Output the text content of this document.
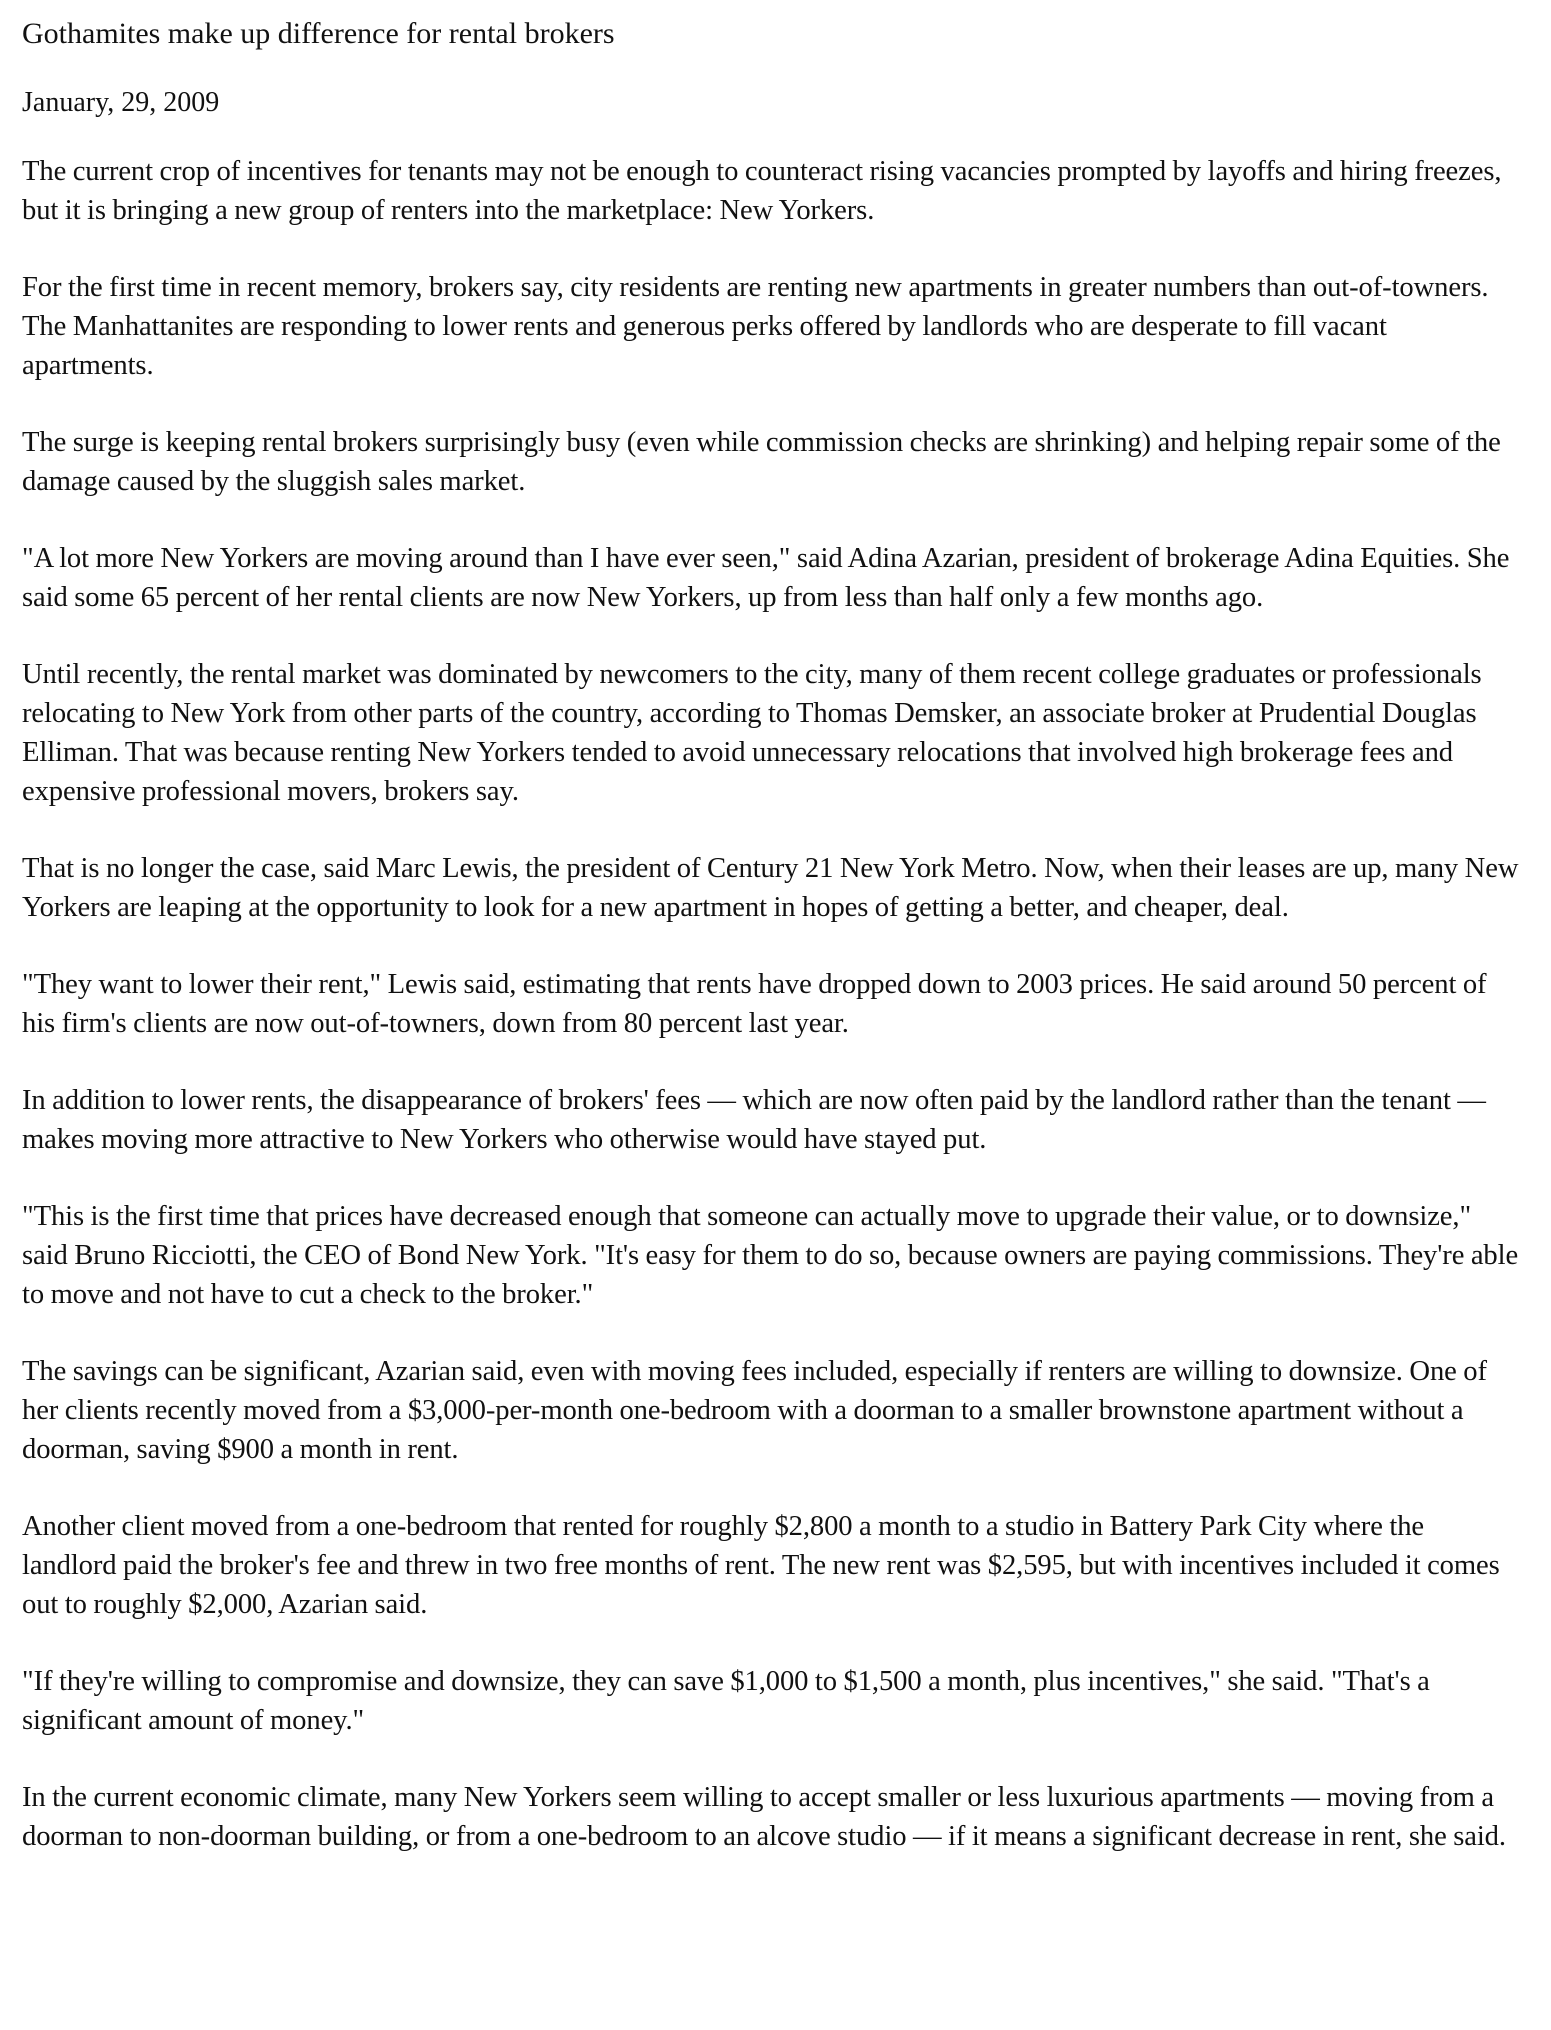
Gothamites make up difference for rental brokers
January, 29, 2009

The current crop of incentives for tenants may not be enough to counteract rising vacancies prompted by layoffs and hiring freezes, but it is bringing a new group of renters into the marketplace: New Yorkers.

For the first time in recent memory, brokers say, city residents are renting new apartments in greater numbers than out-of-towners. The Manhattanites are responding to lower rents and generous perks offered by landlords who are desperate to fill vacant apartments.

The surge is keeping rental brokers surprisingly busy (even while commission checks are shrinking) and helping repair some of the damage caused by the sluggish sales market.

"A lot more New Yorkers are moving around than I have ever seen," said Adina Azarian, president of brokerage Adina Equities. She said some 65 percent of her rental clients are now New Yorkers, up from less than half only a few months ago.

Until recently, the rental market was dominated by newcomers to the city, many of them recent college graduates or professionals relocating to New York from other parts of the country, according to Thomas Demsker, an associate broker at Prudential Douglas Elliman. That was because renting New Yorkers tended to avoid unnecessary relocations that involved high brokerage fees and expensive professional movers, brokers say.

That is no longer the case, said Marc Lewis, the president of Century 21 New York Metro. Now, when their leases are up, many New Yorkers are leaping at the opportunity to look for a new apartment in hopes of getting a better, and cheaper, deal.

"They want to lower their rent," Lewis said, estimating that rents have dropped down to 2003 prices. He said around 50 percent of his firm's clients are now out-of-towners, down from 80 percent last year.

In addition to lower rents, the disappearance of brokers' fees — which are now often paid by the landlord rather than the tenant — makes moving more attractive to New Yorkers who otherwise would have stayed put.

"This is the first time that prices have decreased enough that someone can actually move to upgrade their value, or to downsize," said Bruno Ricciotti, the CEO of Bond New York. "It's easy for them to do so, because owners are paying commissions. They're able to move and not have to cut a check to the broker."

The savings can be significant, Azarian said, even with moving fees included, especially if renters are willing to downsize. One of her clients recently moved from a $3,000-per-month one-bedroom with a doorman to a smaller brownstone apartment without a doorman, saving $900 a month in rent.

Another client moved from a one-bedroom that rented for roughly $2,800 a month to a studio in Battery Park City where the landlord paid the broker's fee and threw in two free months of rent. The new rent was $2,595, but with incentives included it comes out to roughly $2,000, Azarian said.

"If they're willing to compromise and downsize, they can save $1,000 to $1,500 a month, plus incentives," she said. "That's a significant amount of money."

In the current economic climate, many New Yorkers seem willing to accept smaller or less luxurious apartments — moving from a doorman to non-doorman building, or from a one-bedroom to an alcove studio — if it means a significant decrease in rent, she said.
